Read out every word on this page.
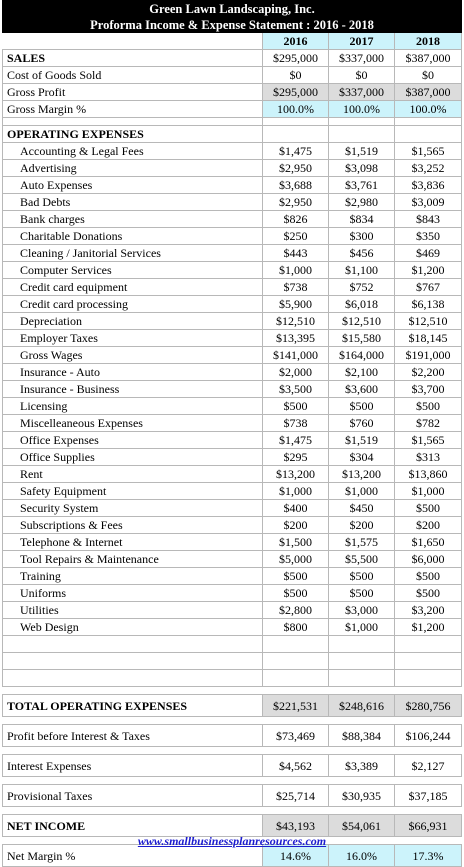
Green Lawn Landscaping, Inc.			
Proforma Income & Expense Statement : 2016 - 2018			
	2016	2017	2018
SALES	$295,000	$337,000	$387,000
Cost of Goods Sold	$0	$0	$0
Gross Profit	$295,000	$337,000	$387,000
Gross Margin %	100.0%	100.0%	100.0%

OPERATING EXPENSES			
Accounting & Legal Fees	$1,475	$1,519	$1,565
Advertising	$2,950	$3,098	$3,252
Auto Expenses	$3,688	$3,761	$3,836
Bad Debts	$2,950	$2,980	$3,009
Bank charges	$826	$834	$843
Charitable Donations	$250	$300	$350
Cleaning / Janitorial Services	$443	$456	$469
Computer Services	$1,000	$1,100	$1,200
Credit card equipment	$738	$752	$767
Credit card processing	$5,900	$6,018	$6,138
Depreciation	$12,510	$12,510	$12,510
Employer Taxes	$13,395	$15,580	$18,145
Gross Wages	$141,000	$164,000	$191,000
Insurance - Auto	$2,000	$2,100	$2,200
Insurance - Business	$3,500	$3,600	$3,700
Licensing	$500	$500	$500
Miscelleaneous Expenses	$738	$760	$782
Office Expenses	$1,475	$1,519	$1,565
Office Supplies	$295	$304	$313
Rent	$13,200	$13,200	$13,860
Safety Equipment	$1,000	$1,000	$1,000
Security System	$400	$450	$500
Subscriptions & Fees	$200	$200	$200
Telephone & Internet	$1,500	$1,575	$1,650
Tool Repairs & Maintenance	$5,000	$5,500	$6,000
Training	$500	$500	$500
Uniforms	$500	$500	$500
Utilities	$2,800	$3,000	$3,200
Web Design	$800	$1,000	$1,200

TOTAL OPERATING EXPENSES	$221,531	$248,616	$280,756

Profit before Interest & Taxes	$73,469	$88,384	$106,244

Interest Expenses	$4,562	$3,389	$2,127

Provisional Taxes	$25,714	$30,935	$37,185

NET INCOME	$43,193	$54,061	$66,931

Net Margin %	14.6%	16.0%	17.3%
www.smallbusinessplanresources.com
